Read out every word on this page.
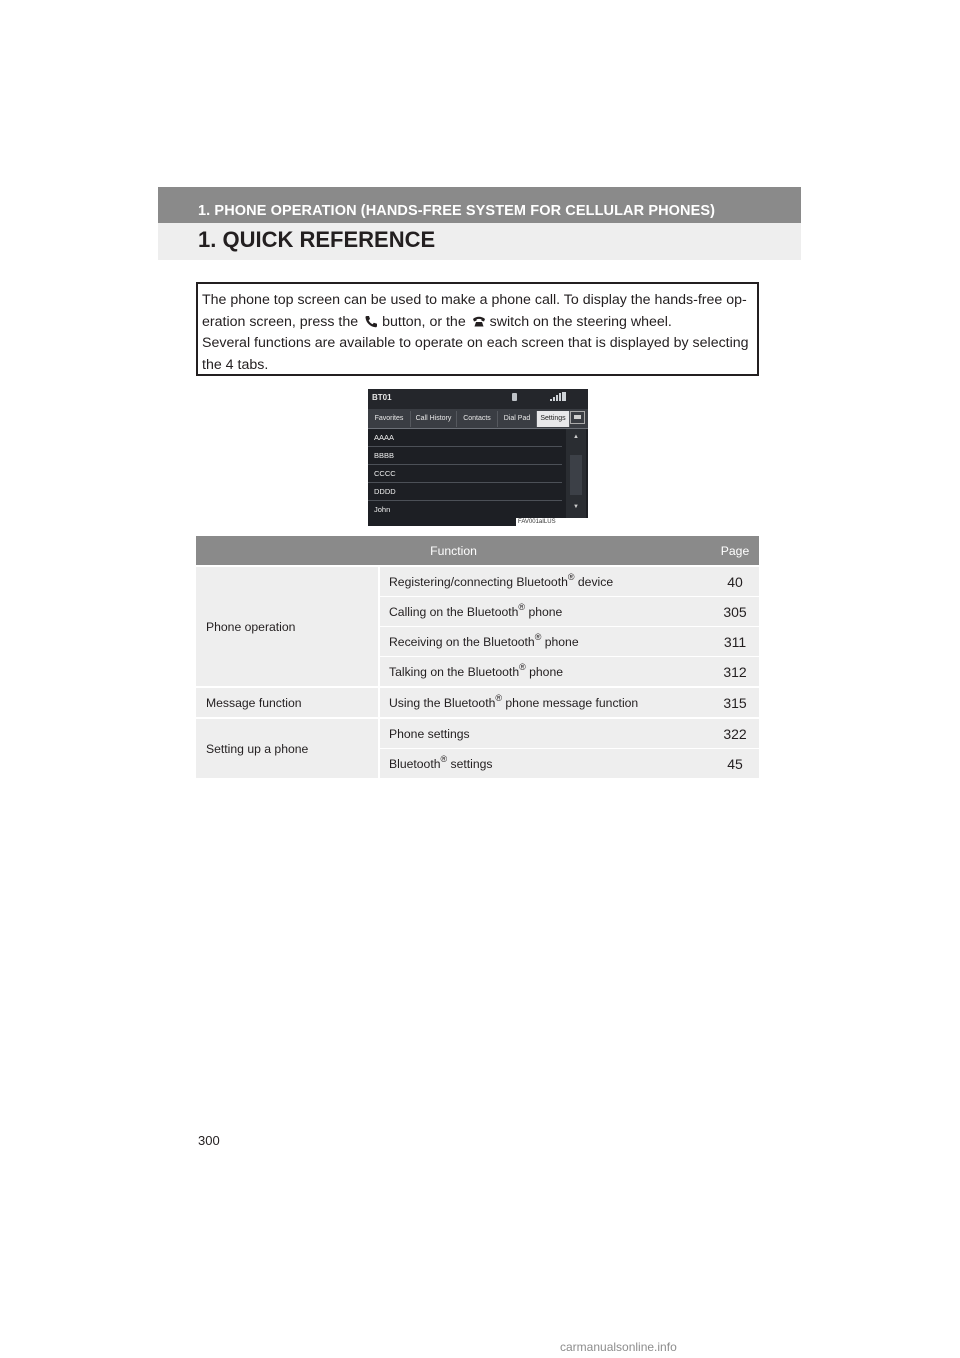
1. PHONE OPERATION (HANDS-FREE SYSTEM FOR CELLULAR PHONES)
1. QUICK REFERENCE

The phone top screen can be used to make a phone call. To display the hands-free op-

eration screen, press the button, or the switch on the steering wheel.

Several functions are available to operate on each screen that is displayed by selecting the 4 tabs.

BT01
Favorites	Call History	Contacts	Dial Pad	Settings
AAAA
BBBB
CCCC
DDDD
John
▲
▼
FAV001aILUS
Function		Page
Phone operation	Registering/connecting Bluetooth® device	40
	Calling on the Bluetooth® phone	305
	Receiving on the Bluetooth® phone	311
	Talking on the Bluetooth® phone	312
Message function	Using the Bluetooth® phone message function	315
Setting up a phone	Phone settings	322
	Bluetooth® settings	45
300
carmanualsonline.info
